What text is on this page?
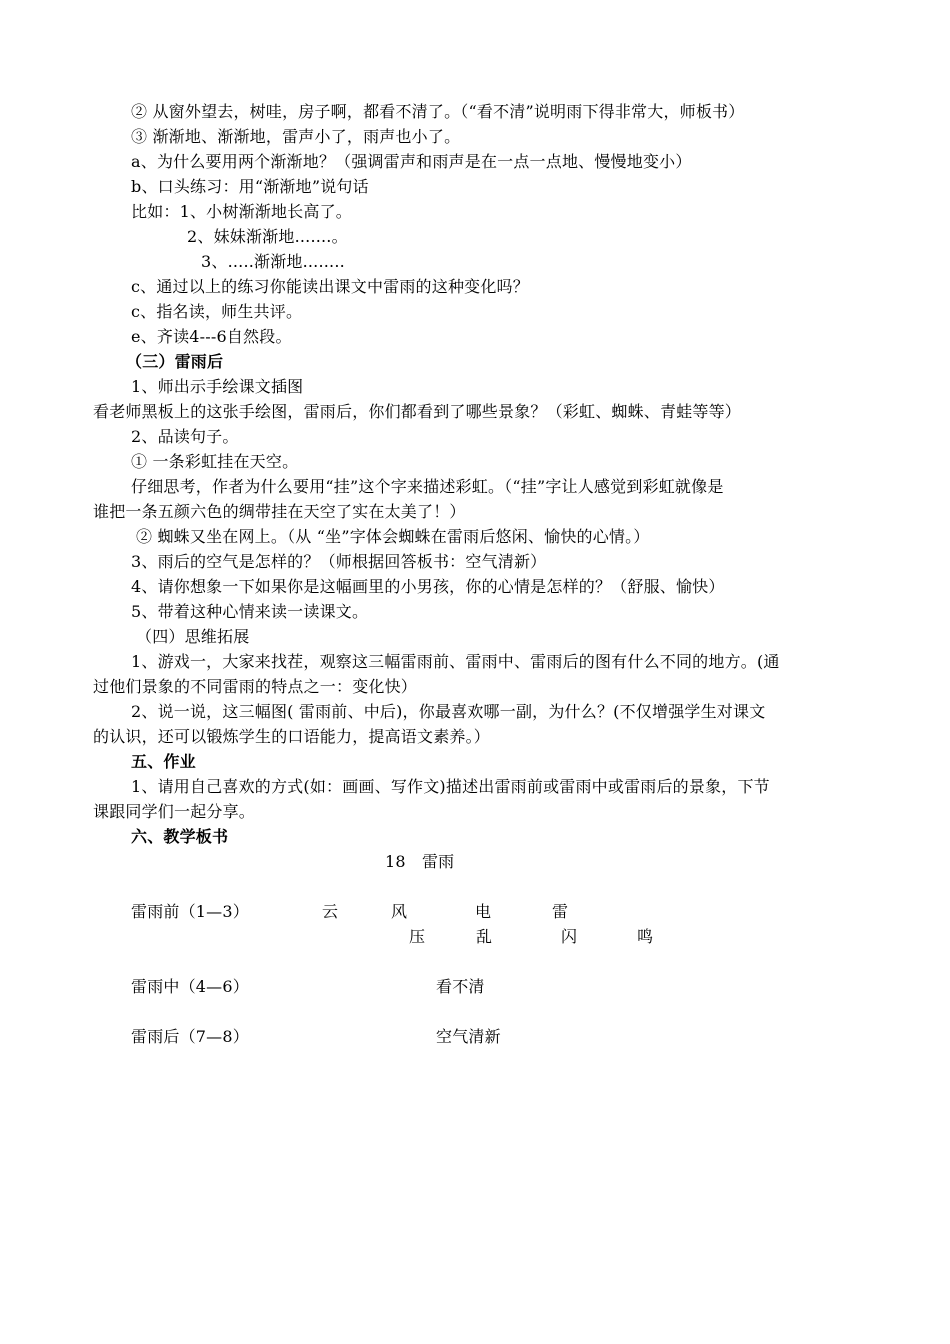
② 从窗外望去，树哇，房子啊，都看不清了。（“看不清”说明雨下得非常大，师板书）
③ 渐渐地、渐渐地，雷声小了，雨声也小了。
a、为什么要用两个渐渐地？（强调雷声和雨声是在一点一点地、慢慢地变小）
b、口头练习：用“渐渐地”说句话
比如：1、小树渐渐地长高了。
2、妹妹渐渐地.......。
3、.....渐渐地........
c、通过以上的练习你能读出课文中雷雨的这种变化吗？
c、指名读，师生共评。
e、齐读4---6自然段。
（三）雷雨后
1、师出示手绘课文插图
看老师黑板上的这张手绘图，雷雨后，你们都看到了哪些景象？（彩虹、蜘蛛、青蛙等等）
2、品读句子。
① 一条彩虹挂在天空。
仔细思考，作者为什么要用“挂”这个字来描述彩虹。（“挂”字让人感觉到彩虹就像是
谁把一条五颜六色的绸带挂在天空了实在太美了！）
② 蜘蛛又坐在网上。（从 “坐”字体会蜘蛛在雷雨后悠闲、愉快的心情。）
3、雨后的空气是怎样的？（师根据回答板书：空气清新）
4、请你想象一下如果你是这幅画里的小男孩，你的心情是怎样的？（舒服、愉快）
5、带着这种心情来读一读课文。
（四）思维拓展
1、游戏一，大家来找茬，观察这三幅雷雨前、雷雨中、雷雨后的图有什么不同的地方。(通
过他们景象的不同雷雨的特点之一：变化快）
2、说一说，这三幅图( 雷雨前、中后)，你最喜欢哪一副，为什么？(不仅增强学生对课文
的认识，还可以锻炼学生的口语能力，提高语文素养。）
五、作业
1、请用自己喜欢的方式(如：画画、写作文)描述出雷雨前或雷雨中或雷雨后的景象，下节
课跟同学们一起分享。
六、教学板书
18　雷雨
雷雨前（1—3）	云	风	电	雷
压	乱	闪	鸣
雷雨中（4—6）	看不清
雷雨后（7—8）	空气清新
